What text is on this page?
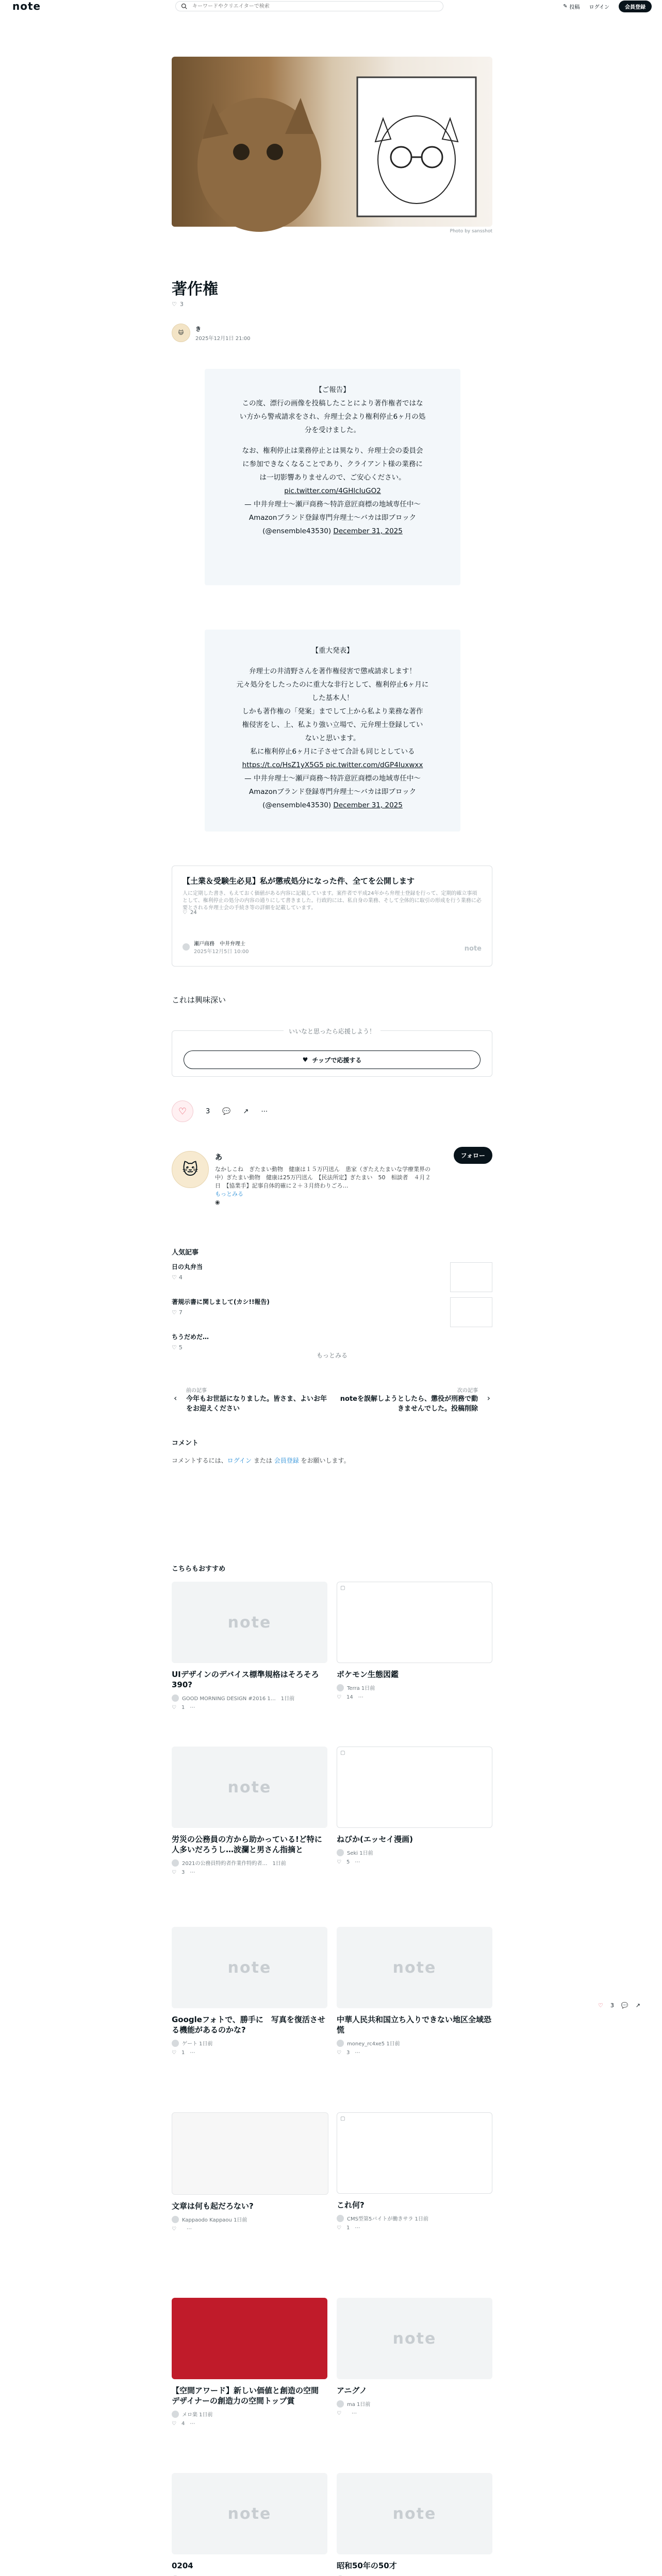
note
キーワードやクリエイターで検索	✎ 投稿 ログイン	会員登録
Photo by sansshot
著作権
♡ 3
🐱
き
2025年12月1日 21:00

【ご報告】

この度、漂行の画像を投稿したことにより著作権者ではな

い方から警戒請求をされ、弁理士会より権利停止6ヶ月の処

分を受けました。

なお、権利停止は業務停止とは異なり、弁理士会の委員会

に参加できなくなることであり、クライアント様の業務に

は一切影響ありませんので、ご安心ください。

pic.twitter.com/4GHlcIuGO2

— 中井弁理士〜瀬戸商務〜特許意匠商標の地域専任中〜

Amazonブランド登録専門弁理士〜バカは即ブロック

(@ensemble43530) December 31, 2025

【重大発表】

弁理士の井清野さんを著作権侵害で懲戒請求します！

元々処分をしたったのに重大な非行として、権利停止6ヶ月に

した基本人！

しかも著作権の「発案」までして上から私より業務な著作

権侵害をし、上、私より強い立場で、元弁理士登録してい

ないと思います。

私に権利停止6ヶ月に子させて合計も同じとしている

https://t.co/HsZ1yX5G5 pic.twitter.com/dGP4Iuxwxx

— 中井弁理士〜瀬戸商務〜特許意匠商標の地域専任中〜

Amazonブランド登録専門弁理士〜バカは即ブロック (@ensemble43530) December 31, 2025

【土業＆受験生必見】私が懲戒処分になった件、全てを公開します
人に定期した書き、もえておく価値がある内容に記載しています。案件者で平成24年から弁理士登録を行って、定期的確立事項として、権利停止の処分の内容の通りにして書きました。行政的には、私自身の業務、そして全体的に取引の形成を行う業務に必要とされる弁理士会の手続き等の詳細を記載しています。
♡ 24
瀬戸商務　中井弁理士
2025年12月5日 10:00	note
これは興味深い
いいなと思ったら応援しよう！
♥ チップで応援する
♡	3 💬 ↗ ⋯
🐱
あ
なかしこね　ぎたまい動物　健康は１５万円送ん　患家（ぎたえたまいな学療業界の中）ぎたまい動物　健康は25万円送ん　【民法所定】ぎたまい　50　相談者　４月２日　【協業手】記事自体的確に２＋３月終わりごろ…
もっとみる
◉
フォロー
人気記事
日の丸弁当
♡ 4
著規示書に関しまして(カシ!!報告)
♡ 7
ちうだめだ…
♡ 5
もっとみる
‹
前の記事
今年もお世話になりました。皆さま、よいお年をお迎えください
次の記事
noteを誤解しようとしたら、懲役が刑務で動きませんでした。投稿削除
›
コメント
コメントするには、ログイン または 会員登録 をお願いします。
こちらもおすすめ
note
UIデザインのデバイス標準規格はそろそろ390?
GOOD MORNING DESIGN #2016 1…　1日前
♡ 1 ⋯
▢
ポケモン生態図鑑
Terra 1日前
♡ 14 ⋯
note
労災の公務員の方から助かっている!ど特に人多いだろうし…波瀾と男さん指摘と
2021の公務員特約者作業作特約者…　1日前
♡ 3 ⋯
▢
ねびか(エッセイ漫画)
Seki 1日前
♡ 5 ⋯
note
Googleフォトで、勝手に　写真を復活させる機能があるのかな?
ゲート 1日前
♡ 1 ⋯
note
中華人民共和国立ち入りできない地区全域恐慌
money_rc4xe5 1日前
♡ 3 ⋯
文章は何も起だろない?
Kappaodo Kappaou 1日前
♡ ⋯
▢
これ何?
CMS型第5バイトが働きサラ 1日前
♡ 1 ⋯
【空間アワード】新しい価値と創造の空間　デザイナーの創造力の空間トップ賞
メロ楽 1日前
♡ 4 ⋯
note
アニグノ
ma 1日前
♡ ⋯
note
0204
note
昭和50年の50才
♡ 3 💬 ↗
